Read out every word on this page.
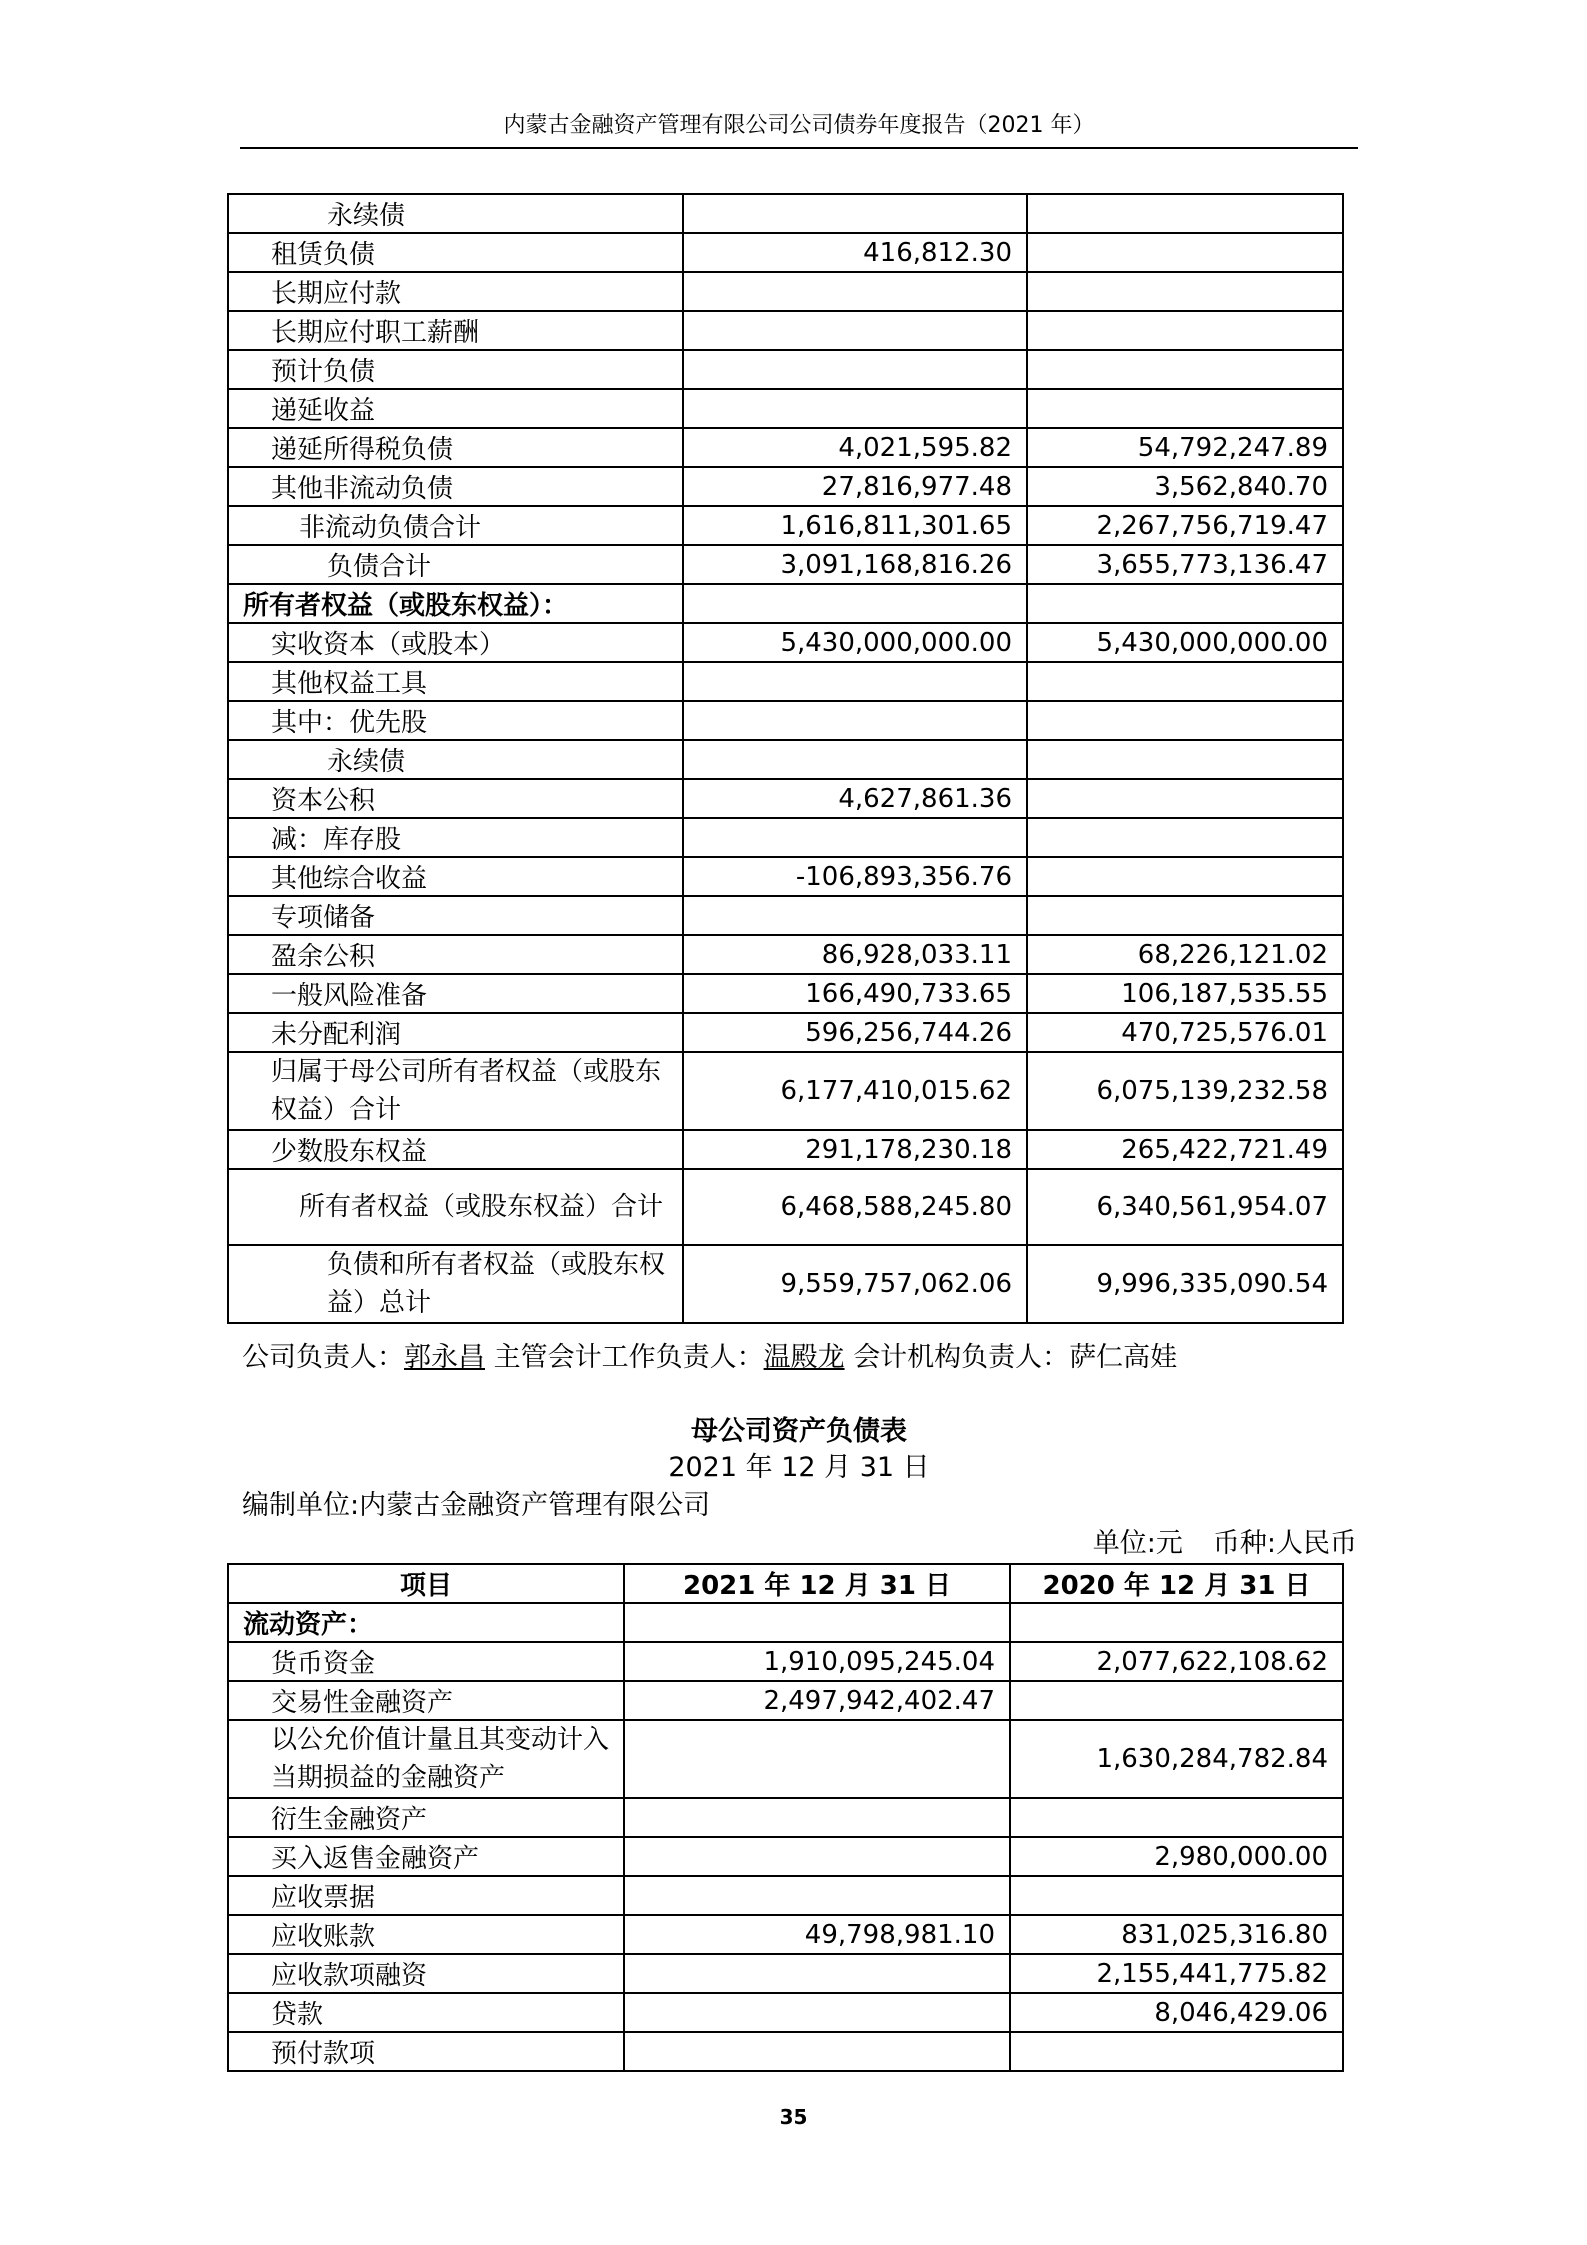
内蒙古金融资产管理有限公司公司债券年度报告（2021 年）
永续债		
租赁负债	416,812.30	
长期应付款		
长期应付职工薪酬		
预计负债		
递延收益		
递延所得税负债	4,021,595.82	54,792,247.89
其他非流动负债	27,816,977.48	3,562,840.70
非流动负债合计	1,616,811,301.65	2,267,756,719.47
负债合计	3,091,168,816.26	3,655,773,136.47
所有者权益（或股东权益）：		
实收资本（或股本）	5,430,000,000.00	5,430,000,000.00
其他权益工具		
其中：优先股		
永续债		
资本公积	4,627,861.36	
减：库存股		
其他综合收益	-106,893,356.76	
专项储备		
盈余公积	86,928,033.11	68,226,121.02
一般风险准备	166,490,733.65	106,187,535.55
未分配利润	596,256,744.26	470,725,576.01
归属于母公司所有者权益（或股东权益）合计	6,177,410,015.62	6,075,139,232.58
少数股东权益	291,178,230.18	265,422,721.49
所有者权益（或股东权益）合计	6,468,588,245.80	6,340,561,954.07
负债和所有者权益（或股东权益）总计	9,559,757,062.06	9,996,335,090.54
公司负责人：郭永昌 主管会计工作负责人：温殿龙 会计机构负责人：萨仁高娃
母公司资产负债表
2021 年 12 月 31 日
编制单位:内蒙古金融资产管理有限公司
单位:元 币种:人民币
项目	2021 年 12 月 31 日	2020 年 12 月 31 日
流动资产：		
货币资金	1,910,095,245.04	2,077,622,108.62
交易性金融资产	2,497,942,402.47	
以公允价值计量且其变动计入当期损益的金融资产		1,630,284,782.84
衍生金融资产		
买入返售金融资产		2,980,000.00
应收票据		
应收账款	49,798,981.10	831,025,316.80
应收款项融资		2,155,441,775.82
贷款		8,046,429.06
预付款项		
35
